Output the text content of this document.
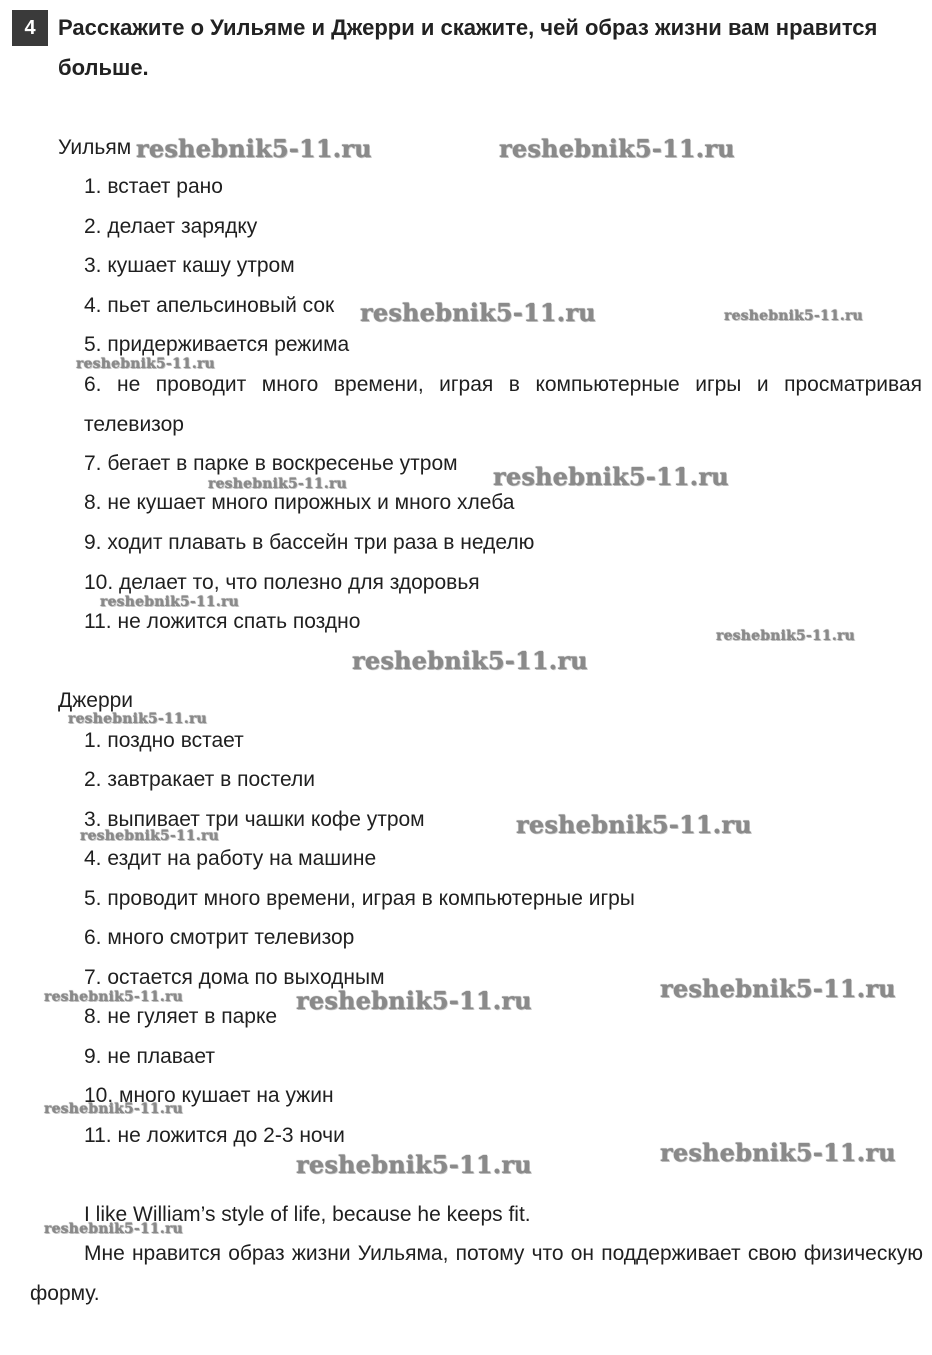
4	Расскажите о Уильяме и Джерри и скажите, чей образ жизни вам нравится больше.
Уильям
1. встает рано
2. делает зарядку
3. кушает кашу утром
4. пьет апельсиновый сок
5. придерживается режима
6. не проводит много времени, играя в компьютерные игры и просматривая телевизор
7. бегает в парке в воскресенье утром
8. не кушает много пирожных и много хлеба
9. ходит плавать в бассейн три раза в неделю
10. делает то, что полезно для здоровья
11. не ложится спать поздно
Джерри
1. поздно встает
2. завтракает в постели
3. выпивает три чашки кофе утром
4. ездит на работу на машине
5. проводит много времени, играя в компьютерные игры
6. много смотрит телевизор
7. остается дома по выходным
8. не гуляет в парке
9. не плавает
10. много кушает на ужин
11. не ложится до 2-3 ночи
I like William’s style of life, because he keeps fit.
Мне нравится образ жизни Уильяма, потому что он поддерживает свою физическую форму.
reshebnik5-11.ru	reshebnik5-11.ru
reshebnik5-11.ru	reshebnik5-11.ru
reshebnik5-11.ru
reshebnik5-11.ru
reshebnik5-11.ru
reshebnik5-11.ru
reshebnik5-11.ru
reshebnik5-11.ru
reshebnik5-11.ru
reshebnik5-11.ru
reshebnik5-11.ru
reshebnik5-11.ru
reshebnik5-11.ru	reshebnik5-11.ru
reshebnik5-11.ru
reshebnik5-11.ru
reshebnik5-11.ru
reshebnik5-11.ru
